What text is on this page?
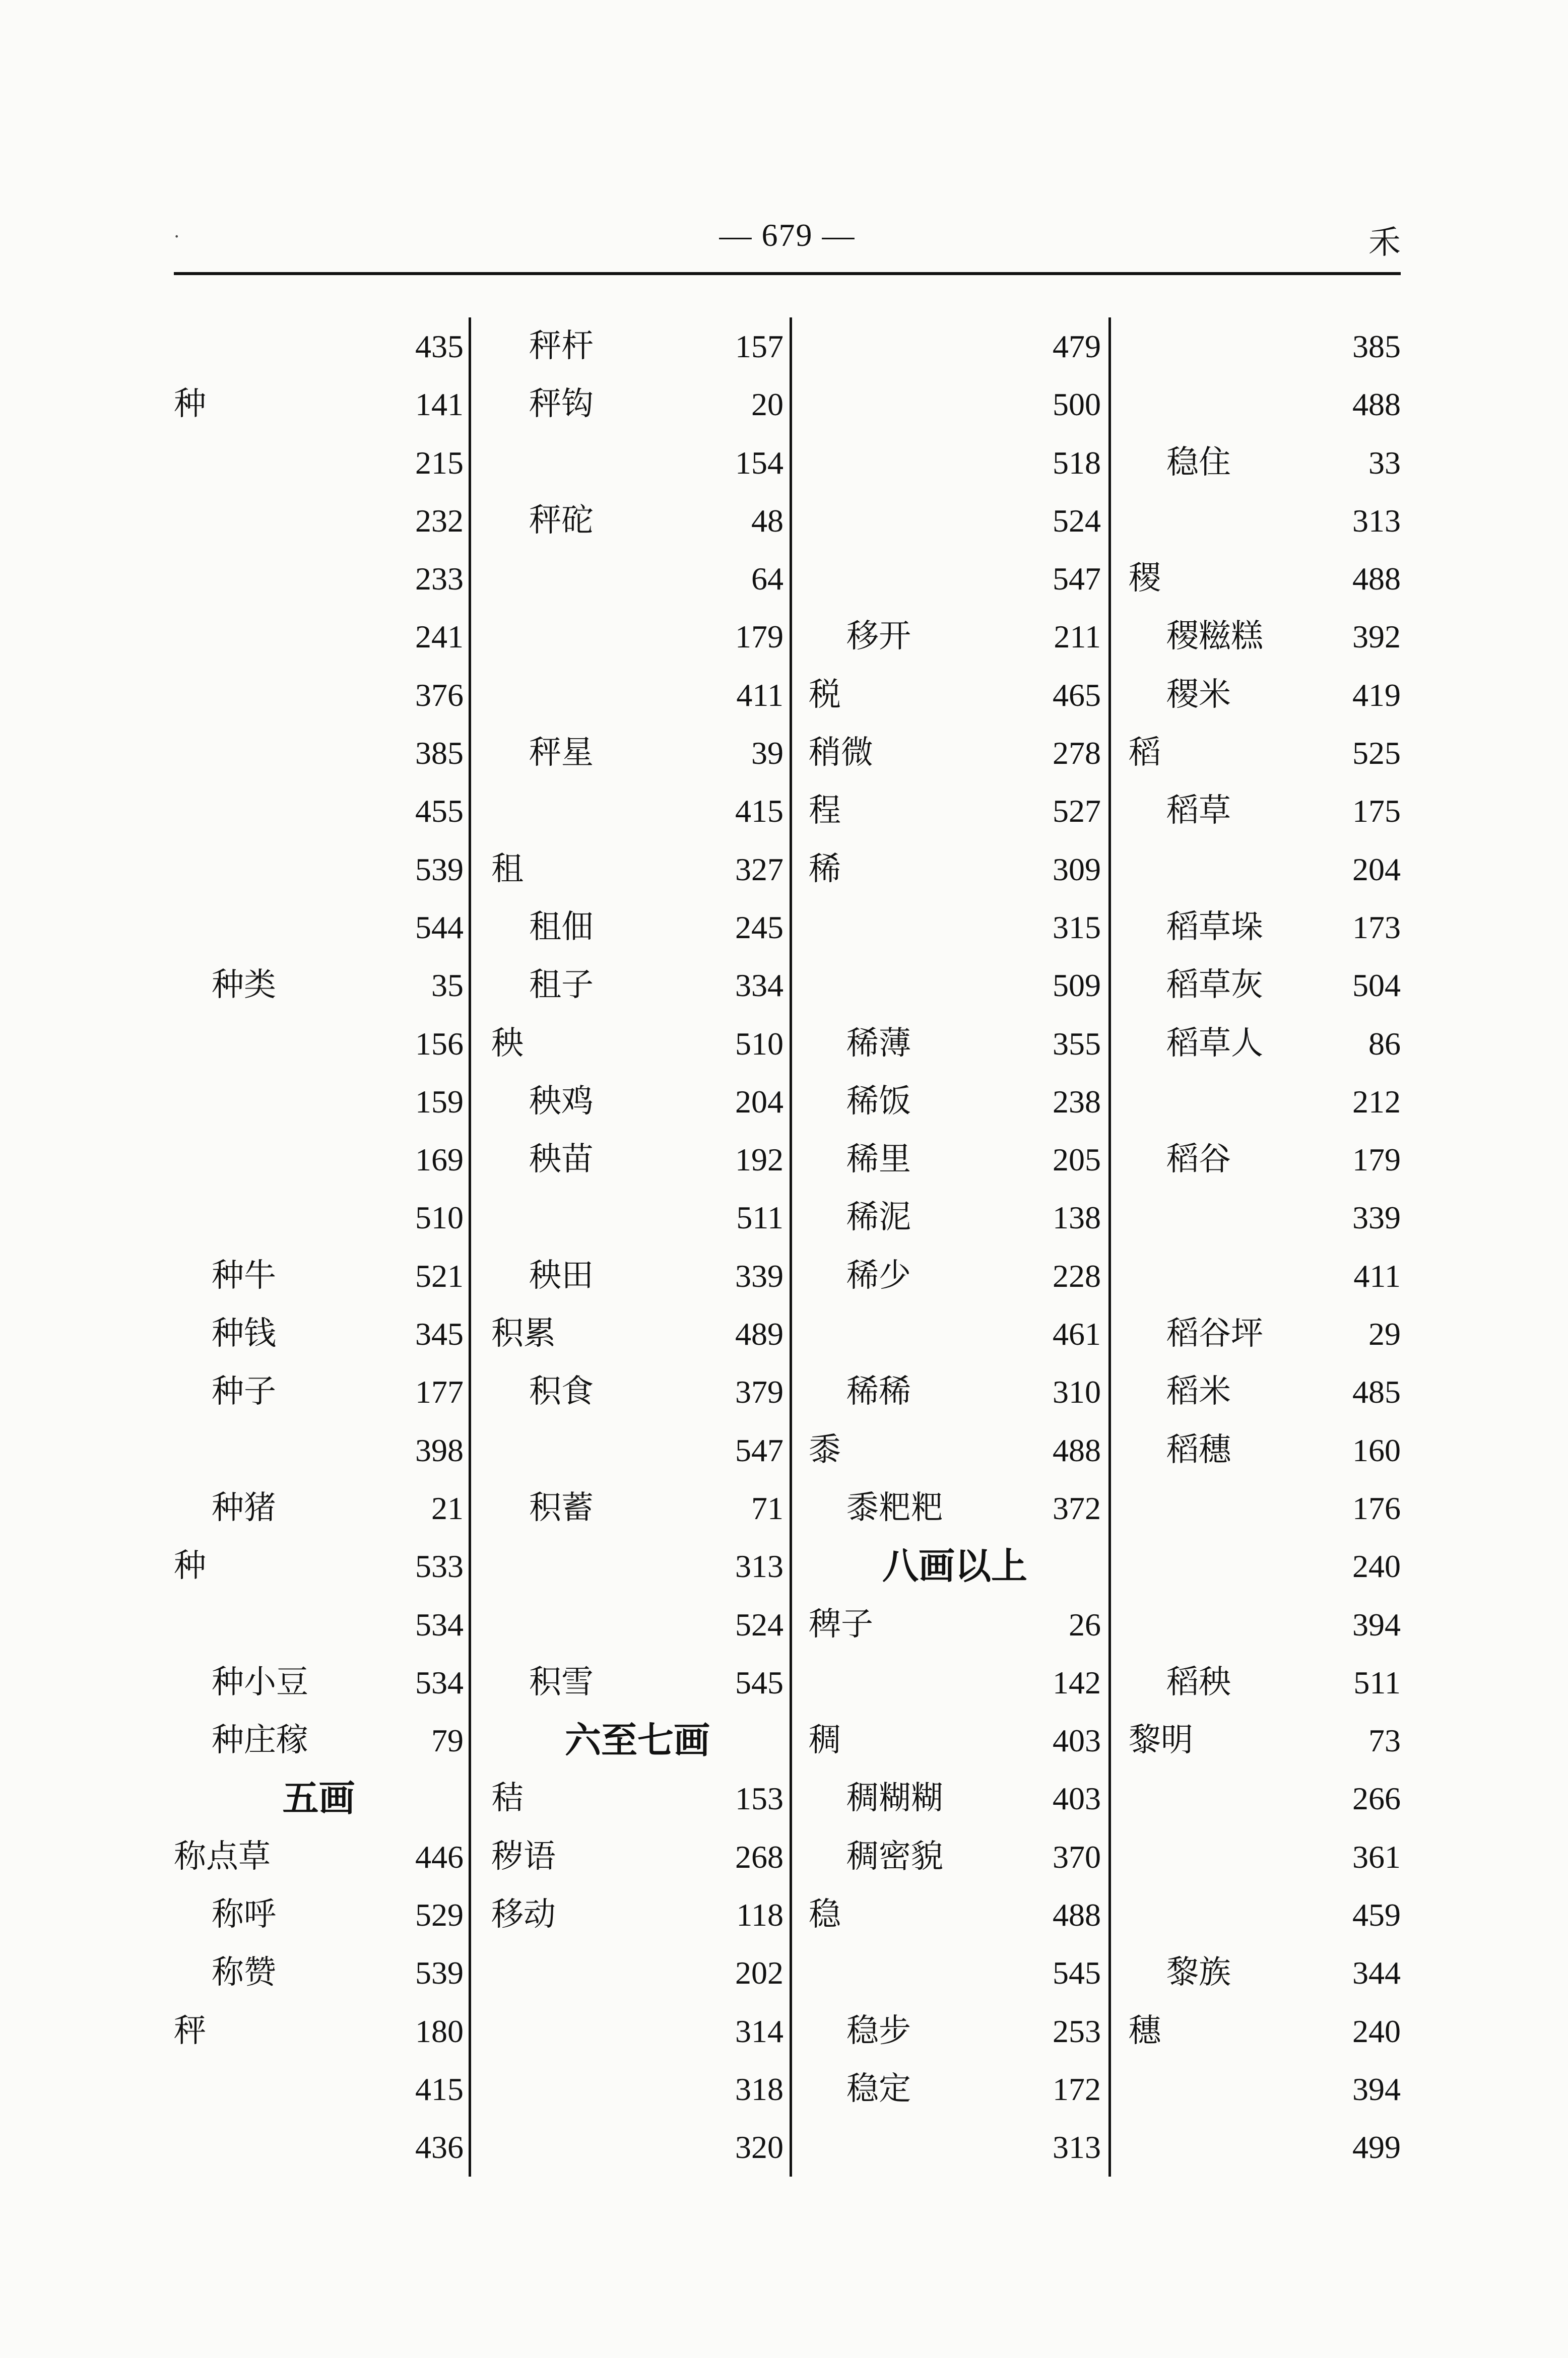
·	— 679 —	禾
435
种	141
215
232
233
241
376
385
455
539
544
种类	35
156
159
169
510
种牛	521
种钱	345
种子	177
398
种猪	21
种	533
534
种小豆	534
种庄稼	79
五画
称点草	446
称呼	529
称赞	539
秤	180
415
436
秤杆	157
秤钩	20
154
秤砣	48
64
179
411
秤星	39
415
租	327
租佃	245
租子	334
秧	510
秧鸡	204
秧苗	192
511
秧田	339
积累	489
积食	379
547
积蓄	71
313
524
积雪	545
六至七画
秸	153
秽语	268
移动	118
202
314
318
320
479
500
518
524
547
移开	211
税	465
稍微	278
程	527
稀	309
315
509
稀薄	355
稀饭	238
稀里	205
稀泥	138
稀少	228
461
稀稀	310
黍	488
黍粑粑	372
八画以上
稗子	26
142
稠	403
稠糊糊	403
稠密貌	370
稳	488
545
稳步	253
稳定	172
313
385
488
稳住	33
313
稷	488
稷糍糕	392
稷米	419
稻	525
稻草	175
204
稻草垛	173
稻草灰	504
稻草人	86
212
稻谷	179
339
411
稻谷坪	29
稻米	485
稻穗	160
176
240
394
稻秧	511
黎明	73
266
361
459
黎族	344
穗	240
394
499
